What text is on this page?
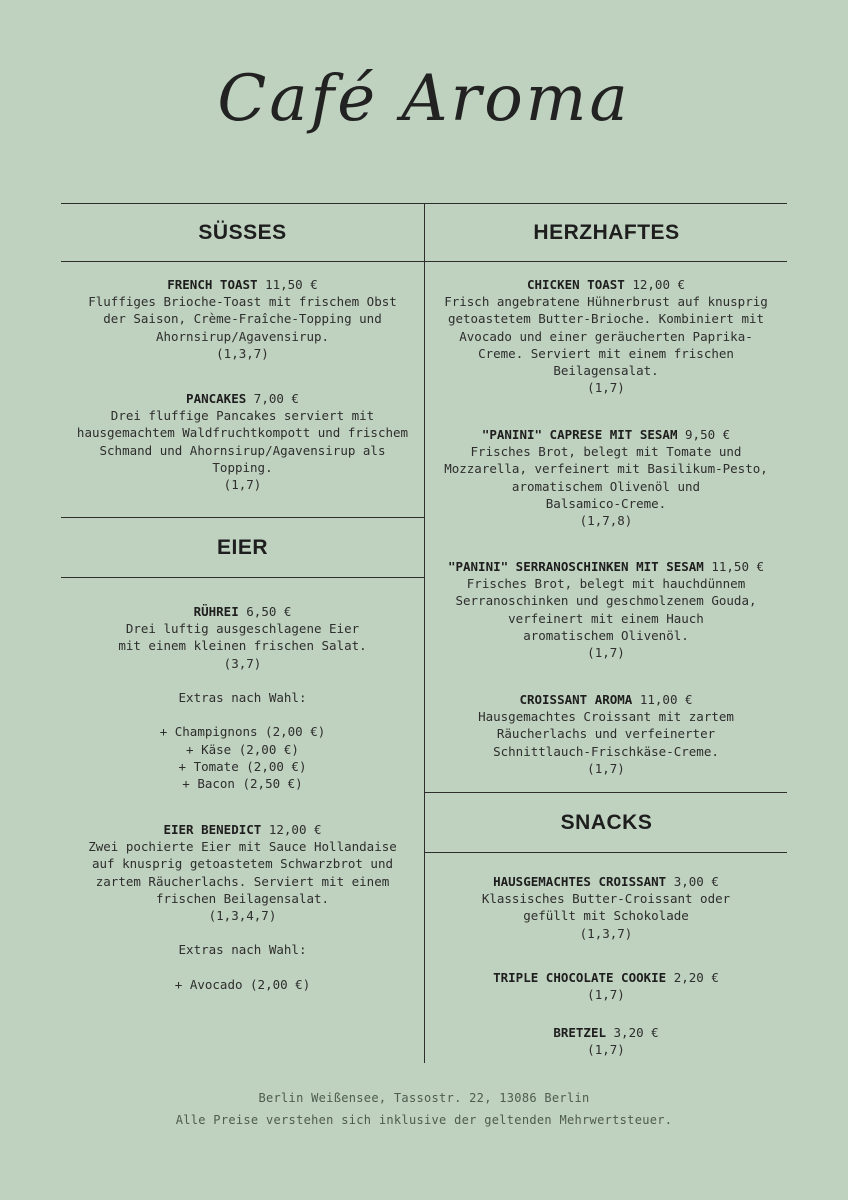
Café Aroma
SÜSSES	HERZHAFTES
EIER
SNACKS

FRENCH TOAST 11,50 €

Fluffiges Brioche-Toast mit frischem Obst

der Saison, Crème-Fraîche-Topping und

Ahornsirup/Agavensirup.

(1,3,7)

PANCAKES 7,00 €

Drei fluffige Pancakes serviert mit

hausgemachtem Waldfruchtkompott und frischem

Schmand und Ahornsirup/Agavensirup als

Topping.

(1,7)

RÜHREI 6,50 €

Drei luftig ausgeschlagene Eier

mit einem kleinen frischen Salat.

(3,7)

Extras nach Wahl:

+ Champignons (2,00 €)

+ Käse (2,00 €)

+ Tomate (2,00 €)

+ Bacon (2,50 €)

EIER BENEDICT 12,00 €

Zwei pochierte Eier mit Sauce Hollandaise

auf knusprig getoastetem Schwarzbrot und

zartem Räucherlachs. Serviert mit einem

frischen Beilagensalat.

(1,3,4,7)

Extras nach Wahl:

+ Avocado (2,00 €)

CHICKEN TOAST 12,00 €

Frisch angebratene Hühnerbrust auf knusprig

getoastetem Butter-Brioche. Kombiniert mit

Avocado und einer geräucherten Paprika-

Creme. Serviert mit einem frischen

Beilagensalat.

(1,7)

"PANINI" CAPRESE MIT SESAM 9,50 €

Frisches Brot, belegt mit Tomate und

Mozzarella, verfeinert mit Basilikum-Pesto,

aromatischem Olivenöl und

Balsamico-Creme.

(1,7,8)

"PANINI" SERRANOSCHINKEN MIT SESAM 11,50 €

Frisches Brot, belegt mit hauchdünnem

Serranoschinken und geschmolzenem Gouda,

verfeinert mit einem Hauch

aromatischem Olivenöl.

(1,7)

CROISSANT AROMA 11,00 €

Hausgemachtes Croissant mit zartem

Räucherlachs und verfeinerter

Schnittlauch-Frischkäse-Creme.

(1,7)

HAUSGEMACHTES CROISSANT 3,00 €

Klassisches Butter-Croissant oder

gefüllt mit Schokolade

(1,3,7)

TRIPLE CHOCOLATE COOKIE 2,20 €

(1,7)

BRETZEL 3,20 €

(1,7)

Berlin Weißensee, Tassostr. 22, 13086 Berlin
Alle Preise verstehen sich inklusive der geltenden Mehrwertsteuer.
